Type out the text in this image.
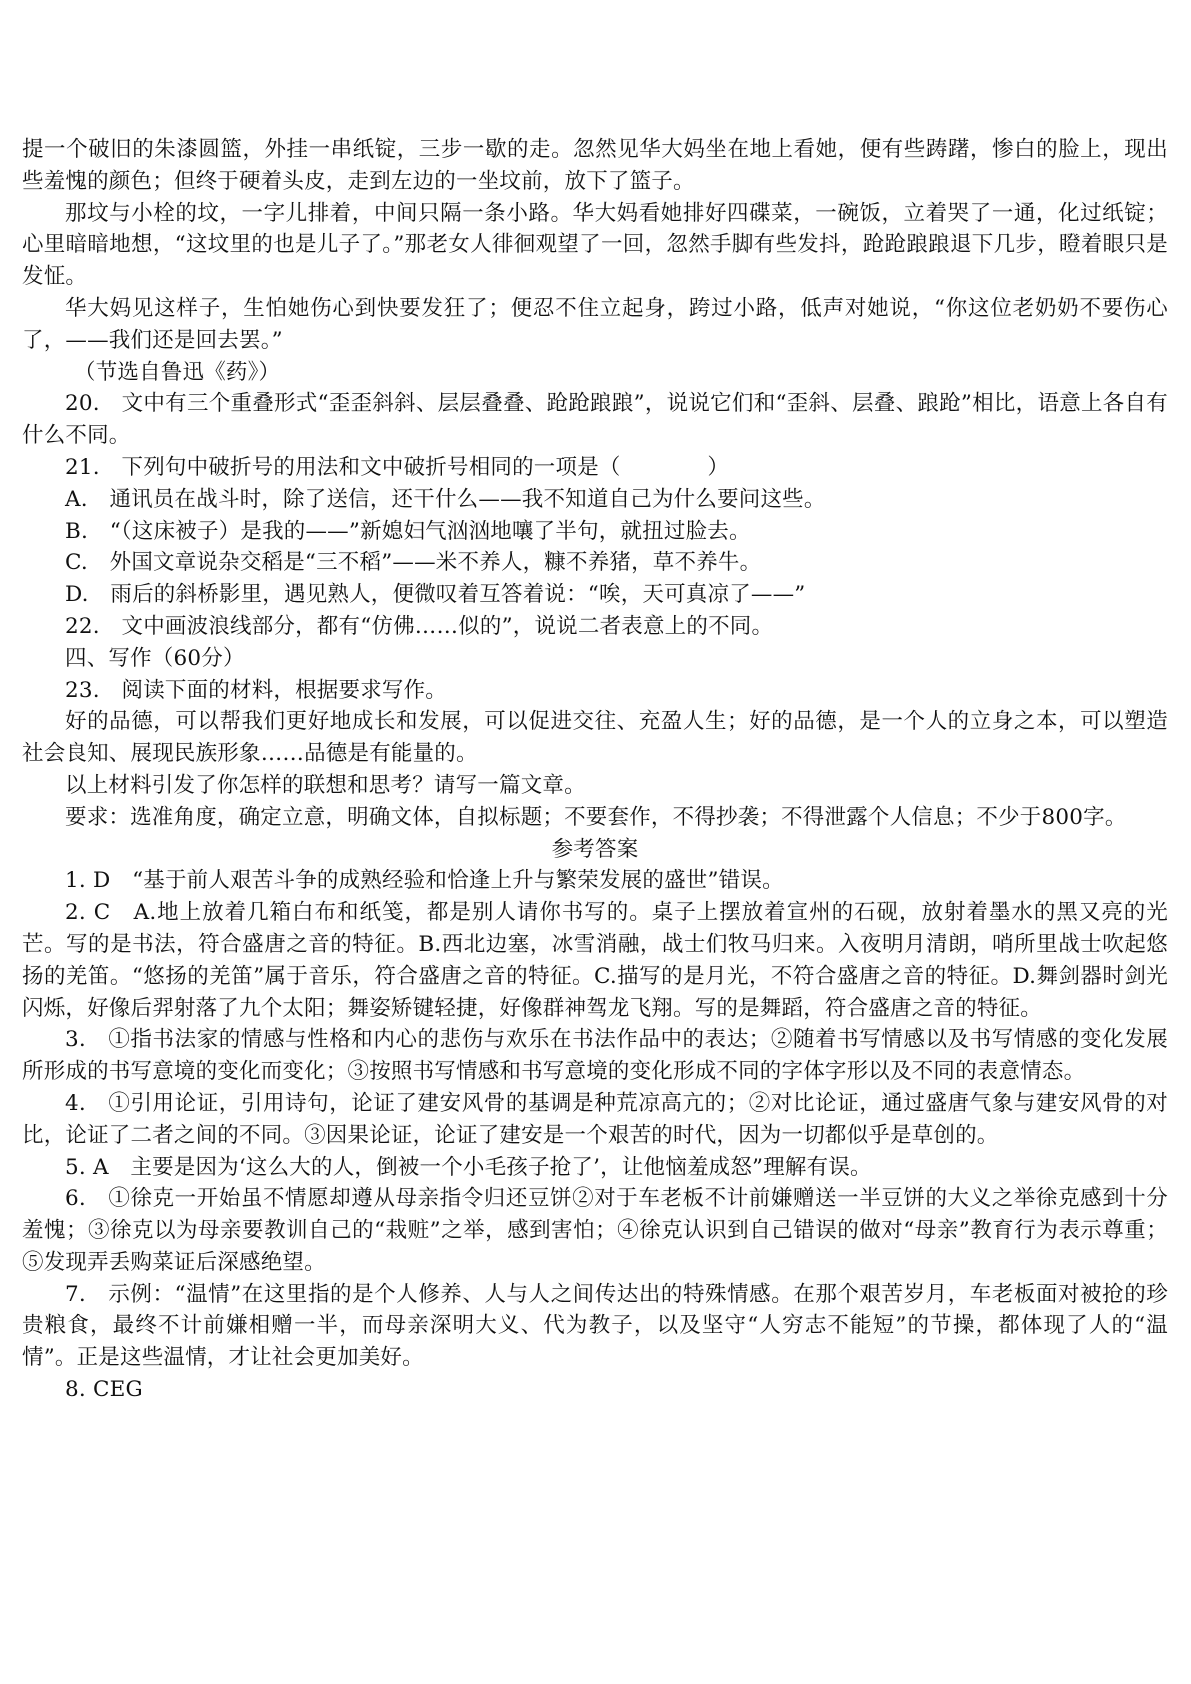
提一个破旧的朱漆圆篮，外挂一串纸锭，三步一歇的走。忽然见华大妈坐在地上看她，便有些踌躇，惨白的脸上，现出些羞愧的颜色；但终于硬着头皮，走到左边的一坐坟前，放下了篮子。

那坟与小栓的坟，一字儿排着，中间只隔一条小路。华大妈看她排好四碟菜，一碗饭，立着哭了一通，化过纸锭；心里暗暗地想，“这坟里的也是儿子了。”那老女人徘徊观望了一回，忽然手脚有些发抖，跄跄踉踉退下几步，瞪着眼只是发怔。

华大妈见这样子，生怕她伤心到快要发狂了；便忍不住立起身，跨过小路，低声对她说，“你这位老奶奶不要伤心了，——我们还是回去罢。”

（节选自鲁迅《药》）

20.　文中有三个重叠形式“歪歪斜斜、层层叠叠、跄跄踉踉”，说说它们和“歪斜、层叠、踉跄”相比，语意上各自有什么不同。

21.　下列句中破折号的用法和文中破折号相同的一项是（　　　　）

A.　通讯员在战斗时，除了送信，还干什么——我不知道自己为什么要问这些。

B.　“（这床被子）是我的——”新媳妇气汹汹地嚷了半句，就扭过脸去。

C.　外国文章说杂交稻是“三不稻”——米不养人，糠不养猪，草不养牛。

D.　雨后的斜桥影里，遇见熟人，便微叹着互答着说：“唉，天可真凉了——”

22.　文中画波浪线部分，都有“仿佛……似的”，说说二者表意上的不同。

四、写作（60分）

23.　阅读下面的材料，根据要求写作。

好的品德，可以帮我们更好地成长和发展，可以促进交往、充盈人生；好的品德，是一个人的立身之本，可以塑造社会良知、展现民族形象……品德是有能量的。

以上材料引发了你怎样的联想和思考？请写一篇文章。

要求：选准角度，确定立意，明确文体，自拟标题；不要套作，不得抄袭；不得泄露个人信息；不少于800字。

参考答案

1. D　“基于前人艰苦斗争的成熟经验和恰逢上升与繁荣发展的盛世”错误。

2. C　A.地上放着几箱白布和纸笺，都是别人请你书写的。桌子上摆放着宣州的石砚，放射着墨水的黑又亮的光芒。写的是书法，符合盛唐之音的特征。B.西北边塞，冰雪消融，战士们牧马归来。入夜明月清朗，哨所里战士吹起悠扬的羌笛。“悠扬的羌笛”属于音乐，符合盛唐之音的特征。C.描写的是月光，不符合盛唐之音的特征。D.舞剑器时剑光闪烁，好像后羿射落了九个太阳；舞姿矫键轻捷，好像群神驾龙飞翔。写的是舞蹈，符合盛唐之音的特征。

3.　①指书法家的情感与性格和内心的悲伤与欢乐在书法作品中的表达；②随着书写情感以及书写情感的变化发展所形成的书写意境的变化而变化；③按照书写情感和书写意境的变化形成不同的字体字形以及不同的表意情态。

4.　①引用论证，引用诗句，论证了建安风骨的基调是种荒凉高亢的；②对比论证，通过盛唐气象与建安风骨的对比，论证了二者之间的不同。③因果论证，论证了建安是一个艰苦的时代，因为一切都似乎是草创的。

5. A　主要是因为‘这么大的人，倒被一个小毛孩子抢了’，让他恼羞成怒”理解有误。

6.　①徐克一开始虽不情愿却遵从母亲指令归还豆饼②对于车老板不计前嫌赠送一半豆饼的大义之举徐克感到十分羞愧；③徐克以为母亲要教训自己的“栽赃”之举，感到害怕；④徐克认识到自己错误的做对“母亲”教育行为表示尊重；⑤发现弄丢购菜证后深感绝望。

7.　示例：“温情”在这里指的是个人修养、人与人之间传达出的特殊情感。在那个艰苦岁月，车老板面对被抢的珍贵粮食，最终不计前嫌相赠一半，而母亲深明大义、代为教子，以及坚守“人穷志不能短”的节操，都体现了人的“温情”。正是这些温情，才让社会更加美好。

8. CEG
